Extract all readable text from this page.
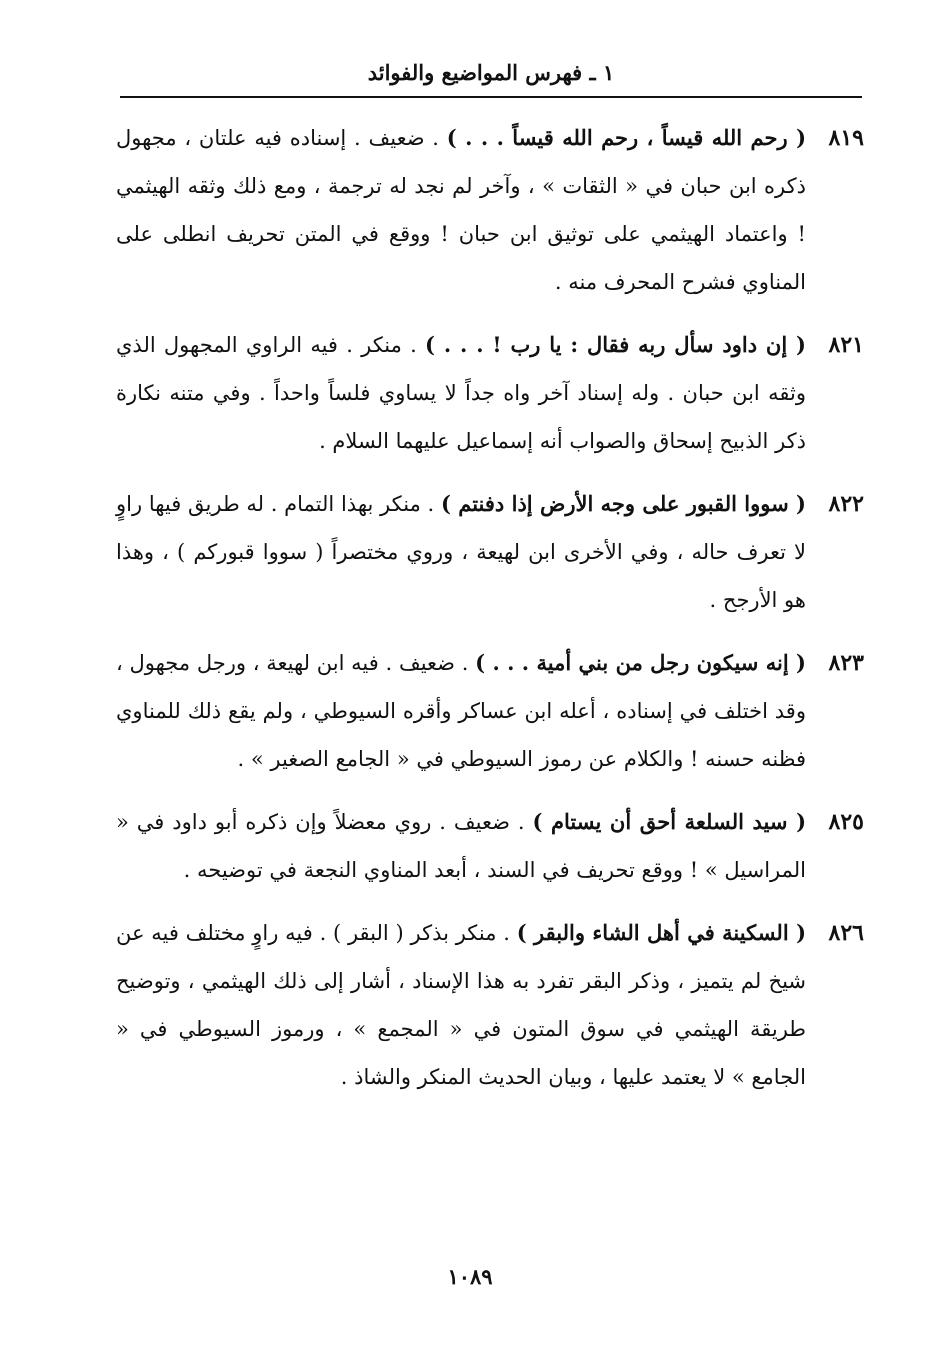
١ ـ فهرس المواضيع والفوائد
٨١٩
( رحم الله قيساً ، رحم الله قيساً . . . ) . ضعيف . إسناده فيه علتان ، مجهول ذكره ابن حبان في « الثقات » ، وآخر لم نجد له ترجمة ، ومع ذلك وثقه الهيثمي ! واعتماد الهيثمي على توثيق ابن حبان ! ووقع في المتن تحريف انطلى على المناوي فشرح المحرف منه .
٨٢١
( إن داود سأل ربه فقال : يا رب ! . . . ) . منكر . فيه الراوي المجهول الذي وثقه ابن حبان . وله إسناد آخر واه جداً لا يساوي فلساً واحداً . وفي متنه نكارة ذكر الذبيح إسحاق والصواب أنه إسماعيل عليهما السلام .
٨٢٢
( سووا القبور على وجه الأرض إذا دفنتم ) . منكر بهذا التمام . له طريق فيها راوٍ لا تعرف حاله ، وفي الأخرى ابن لهيعة ، وروي مختصراً ( سووا قبوركم ) ، وهذا هو الأرجح .
٨٢٣
( إنه سيكون رجل من بني أمية . . . ) . ضعيف . فيه ابن لهيعة ، ورجل مجهول ، وقد اختلف في إسناده ، أعله ابن عساكر وأقره السيوطي ، ولم يقع ذلك للمناوي فظنه حسنه ! والكلام عن رموز السيوطي في « الجامع الصغير » .
٨٢٥
( سيد السلعة أحق أن يستام ) . ضعيف . روي معضلاً وإن ذكره أبو داود في « المراسيل » ! ووقع تحريف في السند ، أبعد المناوي النجعة في توضيحه .
٨٢٦
( السكينة في أهل الشاء والبقر ) . منكر بذكر ( البقر ) . فيه راوٍ مختلف فيه عن شيخ لم يتميز ، وذكر البقر تفرد به هذا الإسناد ، أشار إلى ذلك الهيثمي ، وتوضيح طريقة الهيثمي في سوق المتون في « المجمع » ، ورموز السيوطي في « الجامع » لا يعتمد عليها ، وبيان الحديث المنكر والشاذ .
١٠٨٩
